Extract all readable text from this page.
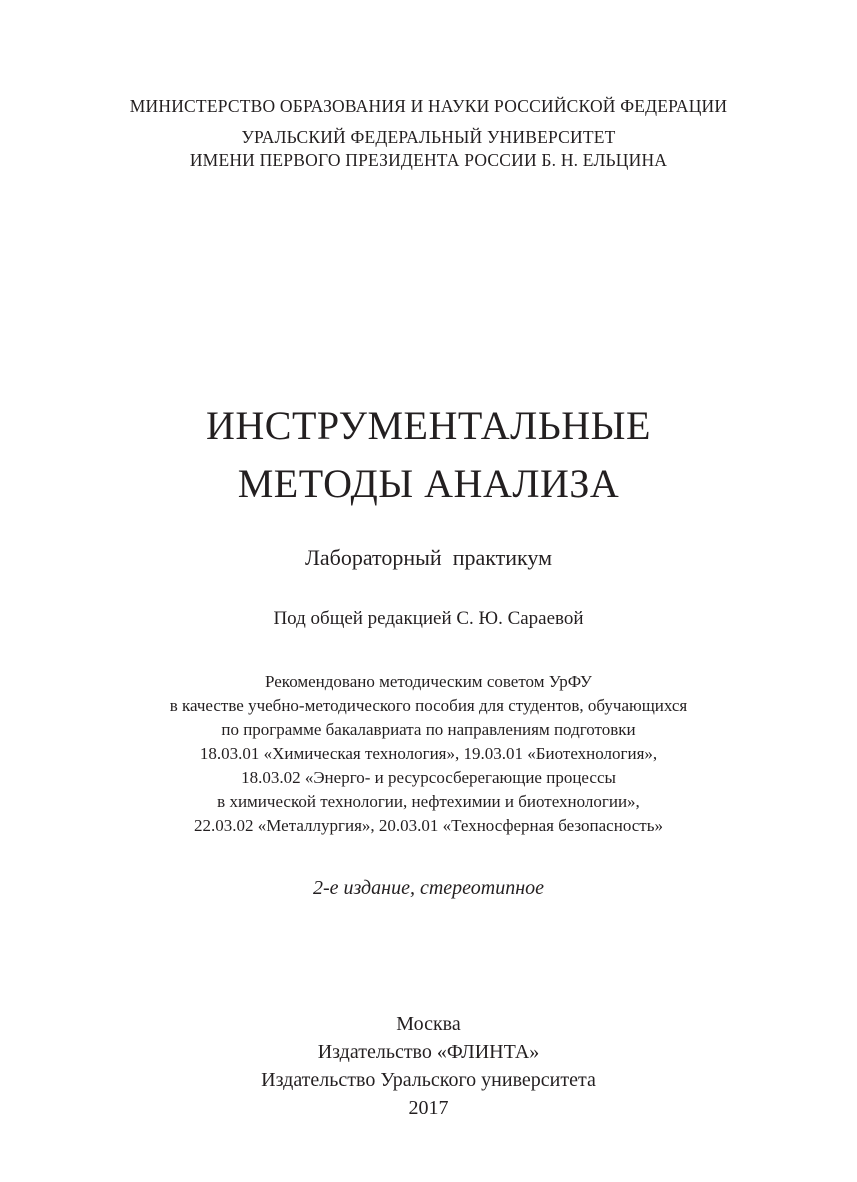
МИНИСТЕРСТВО ОБРАЗОВАНИЯ И НАУКИ РОССИЙСКОЙ ФЕДЕРАЦИИ
УРАЛЬСКИЙ ФЕДЕРАЛЬНЫЙ УНИВЕРСИТЕТ
ИМЕНИ ПЕРВОГО ПРЕЗИДЕНТА РОССИИ Б. Н. ЕЛЬЦИНА
ИНСТРУМЕНТАЛЬНЫЕ
МЕТОДЫ АНАЛИЗА
Лабораторный  практикум
Под общей редакцией С. Ю. Сараевой
Рекомендовано методическим советом УрФУ
в качестве учебно-методического пособия для студентов, обучающихся
по программе бакалавриата по направлениям подготовки
18.03.01 «Химическая технология», 19.03.01 «Биотехнология»,
18.03.02 «Энерго- и ресурсосберегающие процессы
в химической технологии, нефтехимии и биотехнологии»,
22.03.02 «Металлургия», 20.03.01 «Техносферная безопасность»
2-е издание, стереотипное
Москва
Издательство «ФЛИНТА»
Издательство Уральского университета
2017
